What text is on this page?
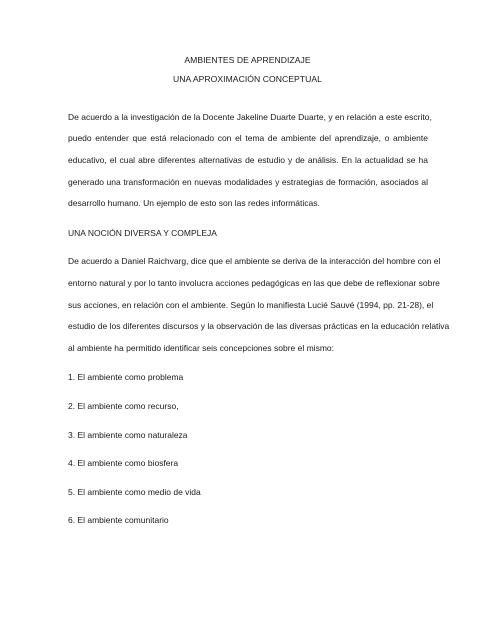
AMBIENTES DE APRENDIZAJE
UNA APROXIMACIÓN CONCEPTUAL
De acuerdo a la investigación de la Docente Jakeline Duarte Duarte, y en relación a este escrito,
puedo entender que está relacionado con el tema de ambiente del aprendizaje, o ambiente
educativo, el cual abre diferentes alternativas de estudio y de análisis. En la actualidad se ha
generado una transformación en nuevas modalidades y estrategias de formación, asociados al
desarrollo humano. Un ejemplo de esto son las redes informáticas.
UNA NOCIÓN DIVERSA Y COMPLEJA
De acuerdo a Daniel Raichvarg, dice que el ambiente se deriva de la interacción del hombre con el
entorno natural y por lo tanto involucra acciones pedagógicas en las que debe de reflexionar sobre
sus acciones, en relación con el ambiente. Según lo manifiesta Lucié Sauvé (1994, pp. 21-28), el
estudio de los diferentes discursos y la observación de las diversas prácticas en la educación relativa
al ambiente ha permitido identificar seis concepciones sobre el mismo:
1. El ambiente como problema
2. El ambiente como recurso,
3. El ambiente como naturaleza
4. El ambiente como biosfera
5. El ambiente como medio de vida
6. El ambiente comunitario
